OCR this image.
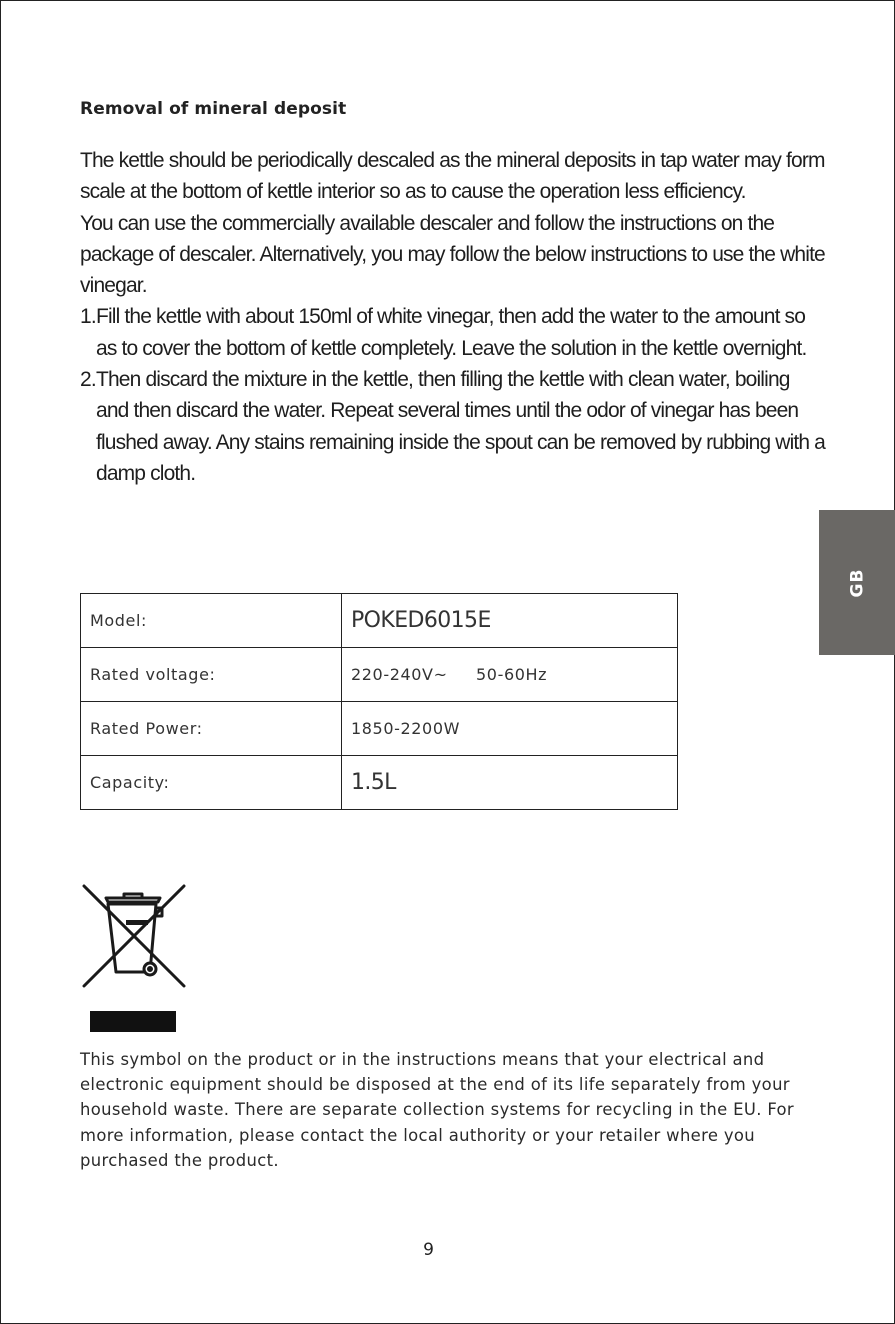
Removal of mineral deposit

The kettle should be periodically descaled as the mineral deposits in tap water may form scale at the bottom of kettle interior so as to cause the operation less efficiency.

You can use the commercially available descaler and follow the instructions on the package of descaler. Alternatively, you may follow the below instructions to use the white vinegar.

1. Fill the kettle with about 150ml of white vinegar, then add the water to the amount so as to cover the bottom of kettle completely. Leave the solution in the kettle overnight.
2. Then discard the mixture in the kettle, then filling the kettle with clean water, boiling and then discard the water. Repeat several times until the odor of vinegar has been flushed away. Any stains remaining inside the spout can be removed by rubbing with a damp cloth.
GB
Model:	POKED6015E
Rated voltage:	220-240V~     50-60Hz
Rated Power:	1850-2200W
Capacity:	1.5L
This symbol on the product or in the instructions means that your electrical and electronic equipment should be disposed at the end of its life separately from your household waste. There are separate collection systems for recycling in the EU. For more information, please contact the local authority or your retailer where you purchased the product.
9
